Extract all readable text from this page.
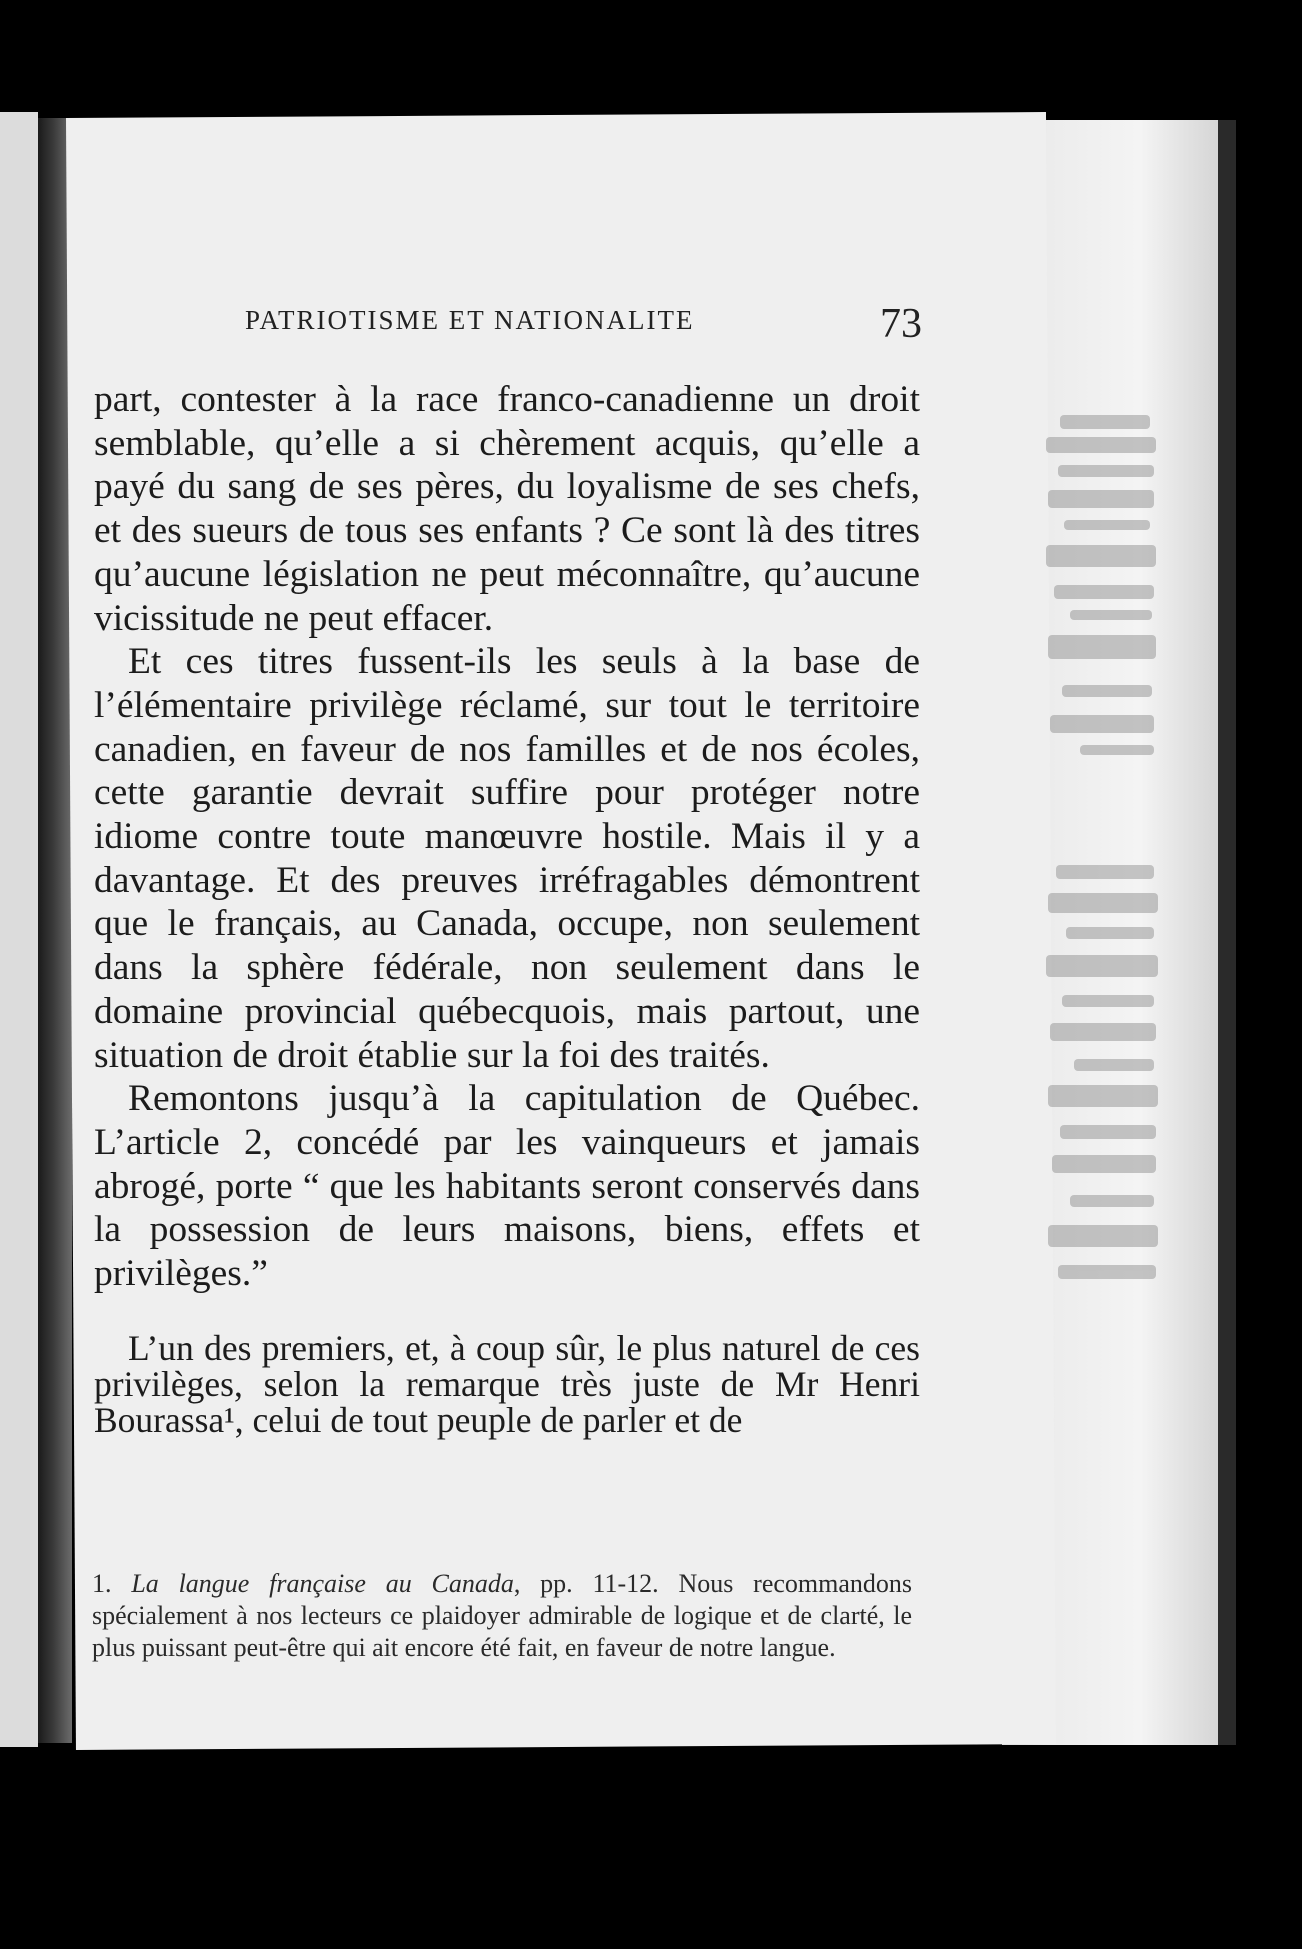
PATRIOTISME ET NATIONALITE	73

part, contester à la race franco-canadienne un droit semblable, qu’elle a si chèrement acquis, qu’elle a payé du sang de ses pères, du loyalisme de ses chefs, et des sueurs de tous ses enfants ? Ce sont là des titres qu’aucune législation ne peut méconnaître, qu’aucune vicissitude ne peut effacer.

Et ces titres fussent-ils les seuls à la base de l’élémentaire privilège réclamé, sur tout le territoire canadien, en faveur de nos familles et de nos écoles, cette garantie devrait suffire pour protéger notre idiome contre toute manœuvre hostile. Mais il y a davantage. Et des preuves irréfragables démontrent que le français, au Canada, occupe, non seulement dans la sphère fédérale, non seulement dans le domaine provincial québecquois, mais partout, une situation de droit établie sur la foi des traités.

Remontons jusqu’à la capitulation de Québec. L’article 2, concédé par les vainqueurs et jamais abrogé, porte “ que les habitants seront conservés dans la possession de leurs maisons, biens, effets et privilèges.”

L’un des premiers, et, à coup sûr, le plus naturel de ces privilèges, selon la remarque très juste de Mr Henri Bourassa¹, celui de tout peuple de parler et de

1. La langue française au Canada, pp. 11-12. Nous recommandons spécialement à nos lecteurs ce plaidoyer admirable de logique et de clarté, le plus puissant peut-être qui ait encore été fait, en faveur de notre langue.
